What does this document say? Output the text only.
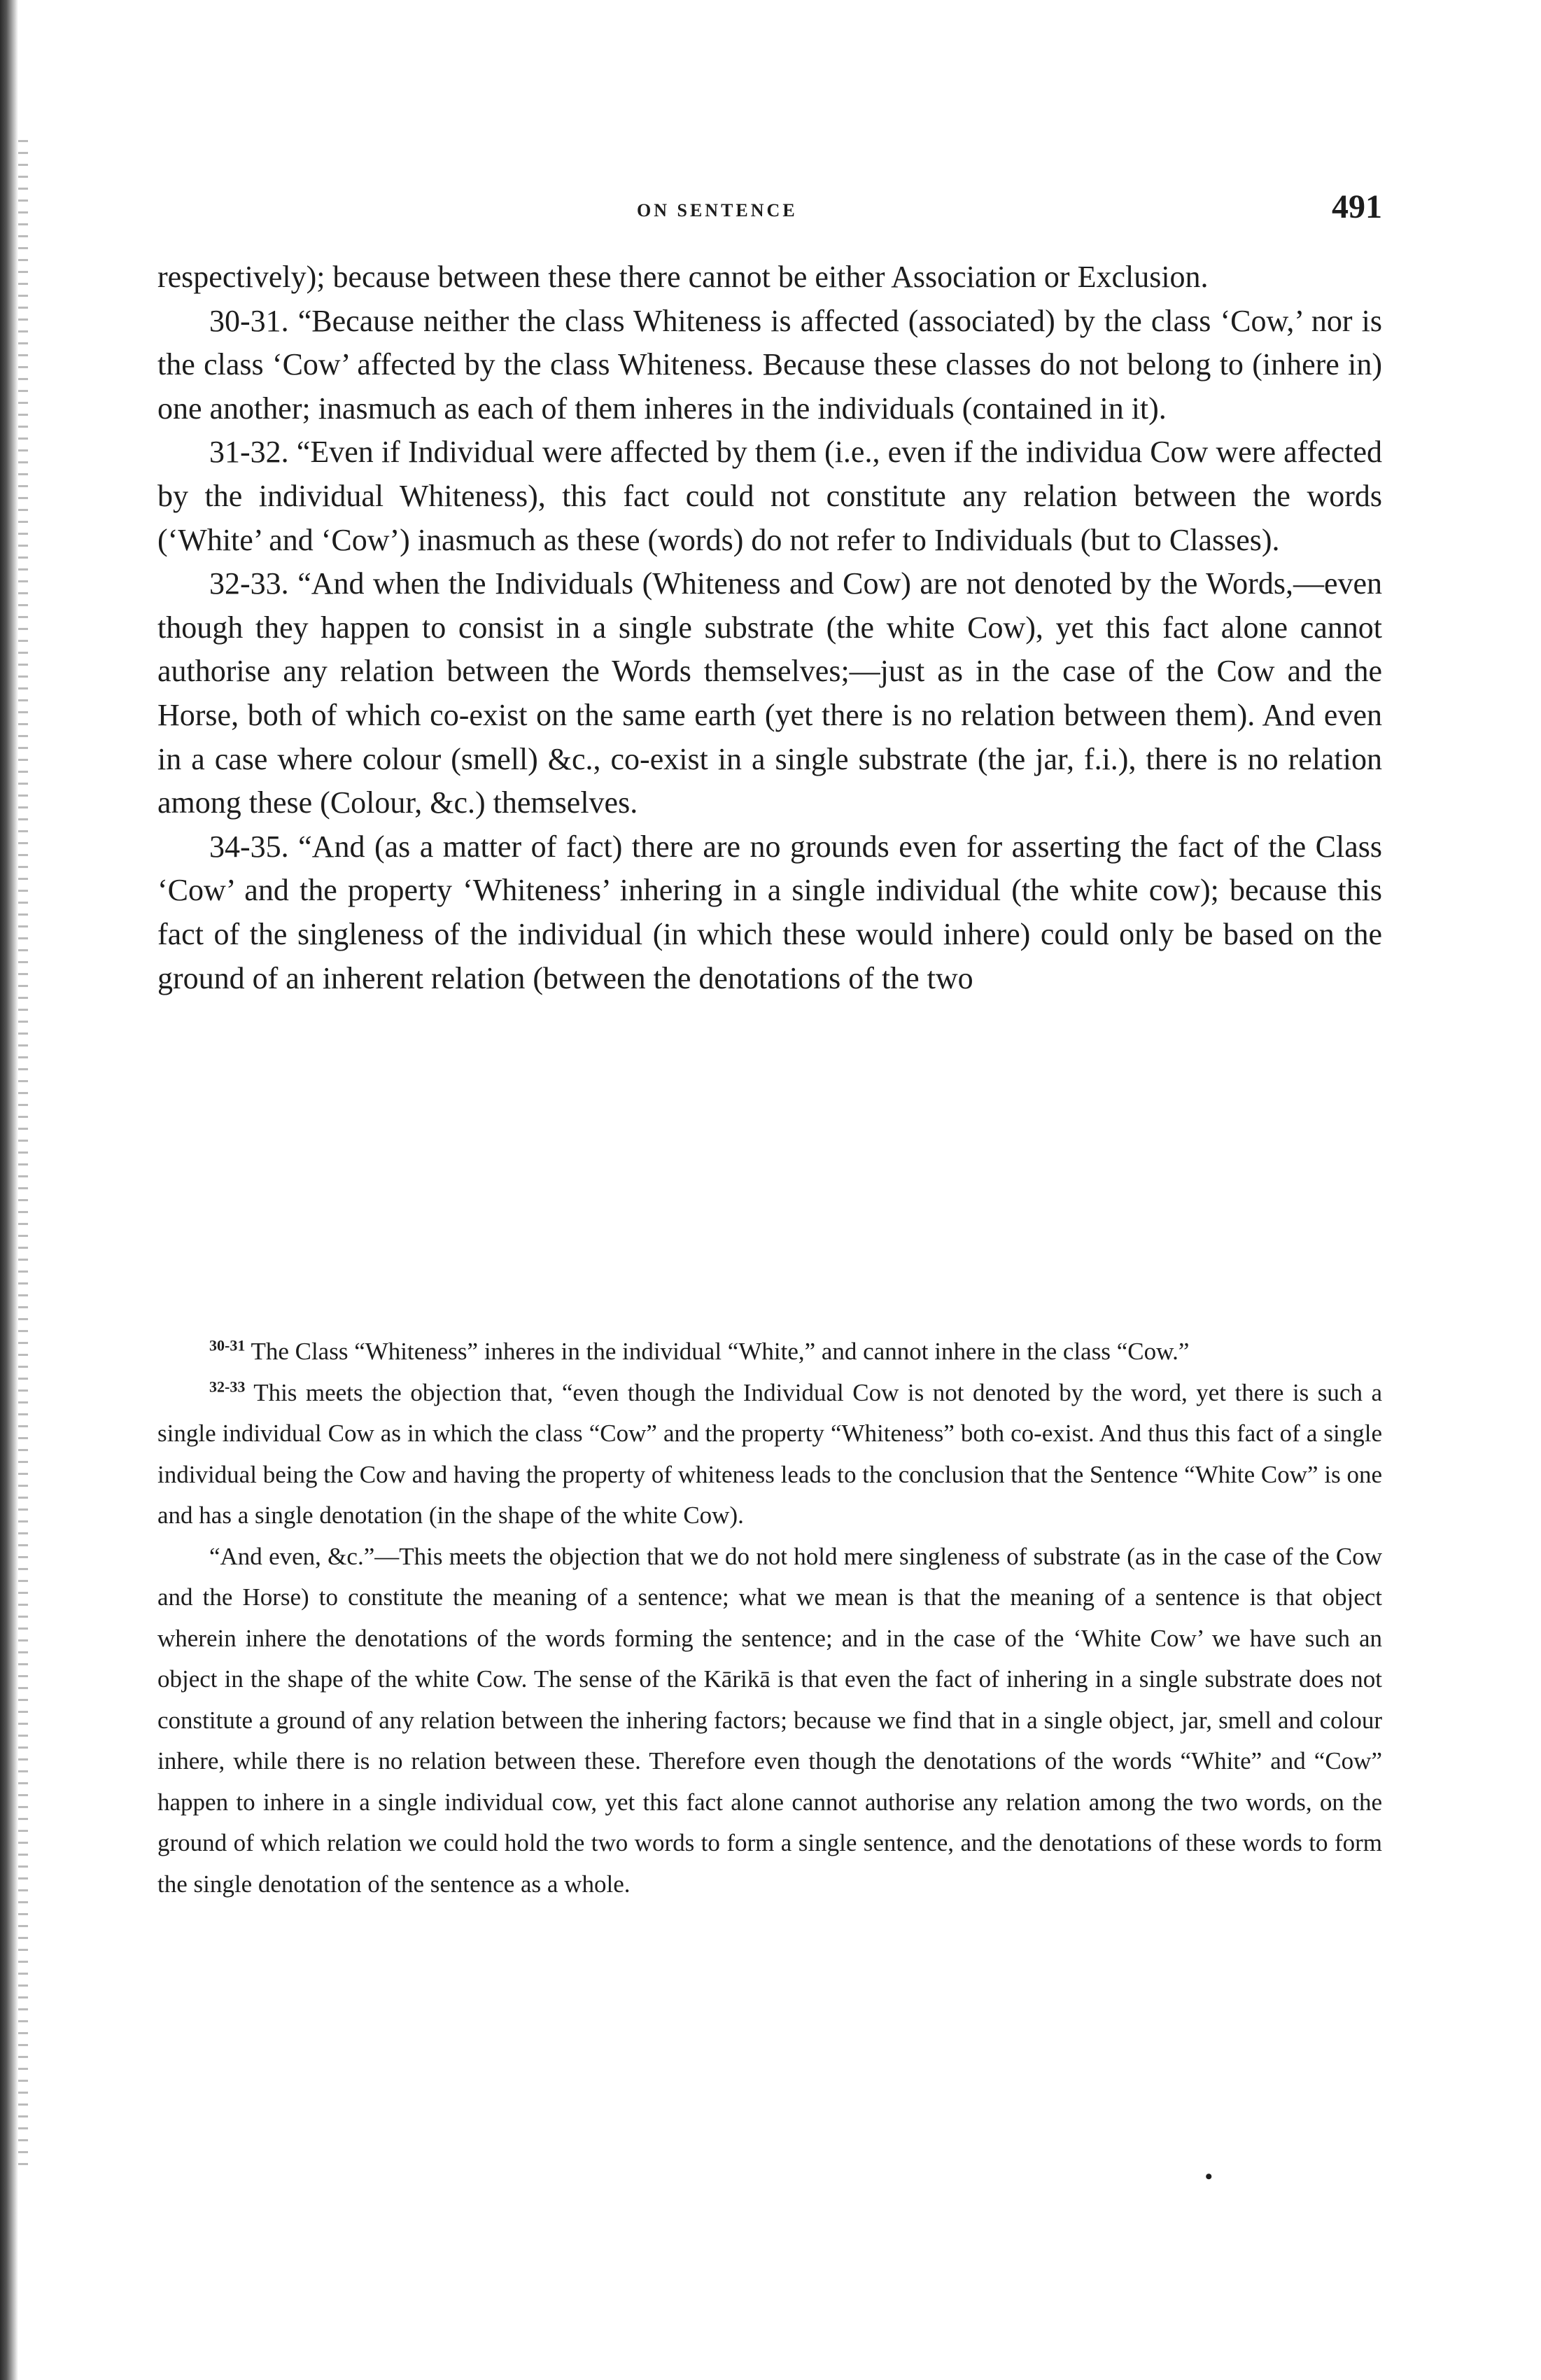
ON SENTENCE	491

respectively); because between these there cannot be either Association or Exclusion.

30-31. “Because neither the class Whiteness is affected (associated) by the class ‘Cow,’ nor is the class ‘Cow’ affected by the class Whiteness. Because these classes do not belong to (inhere in) one another; inasmuch as each of them inheres in the individuals (contained in it).

31-32. “Even if Individual were affected by them (i.e., even if the individua Cow were affected by the individual Whiteness), this fact could not constitute any relation between the words (‘White’ and ‘Cow’) inasmuch as these (words) do not refer to Individuals (but to Classes).

32-33. “And when the Individuals (Whiteness and Cow) are not denoted by the Words,—even though they happen to consist in a single substrate (the white Cow), yet this fact alone cannot authorise any relation between the Words themselves;—just as in the case of the Cow and the Horse, both of which co-exist on the same earth (yet there is no relation between them). And even in a case where colour (smell) &c., co-exist in a single substrate (the jar, f.i.), there is no relation among these (Colour, &c.) themselves.

34-35. “And (as a matter of fact) there are no grounds even for asserting the fact of the Class ‘Cow’ and the property ‘Whiteness’ inhering in a single individual (the white cow); because this fact of the singleness of the individual (in which these would inhere) could only be based on the ground of an inherent relation (between the denotations of the two

$^{30-31}$ The Class “Whiteness” inheres in the individual “White,” and cannot inhere in the class “Cow.”

$^{32-33}$ This meets the objection that, “even though the Individual Cow is not denoted by the word, yet there is such a single individual Cow as in which the class “Cow” and the property “Whiteness” both co-exist. And thus this fact of a single individual being the Cow and having the property of whiteness leads to the conclusion that the Sentence “White Cow” is one and has a single denotation (in the shape of the white Cow).

“And even, &c.”—This meets the objection that we do not hold mere singleness of substrate (as in the case of the Cow and the Horse) to constitute the meaning of a sentence; what we mean is that the meaning of a sentence is that object wherein inhere the denotations of the words forming the sentence; and in the case of the ‘White Cow’ we have such an object in the shape of the white Cow. The sense of the Kārikā is that even the fact of inhering in a single substrate does not constitute a ground of any relation between the inhering factors; because we find that in a single object, jar, smell and colour inhere, while there is no relation between these. Therefore even though the denotations of the words “White” and “Cow” happen to inhere in a single individual cow, yet this fact alone cannot authorise any relation among the two words, on the ground of which relation we could hold the two words to form a single sentence, and the denotations of these words to form the single denotation of the sentence as a whole.

•
